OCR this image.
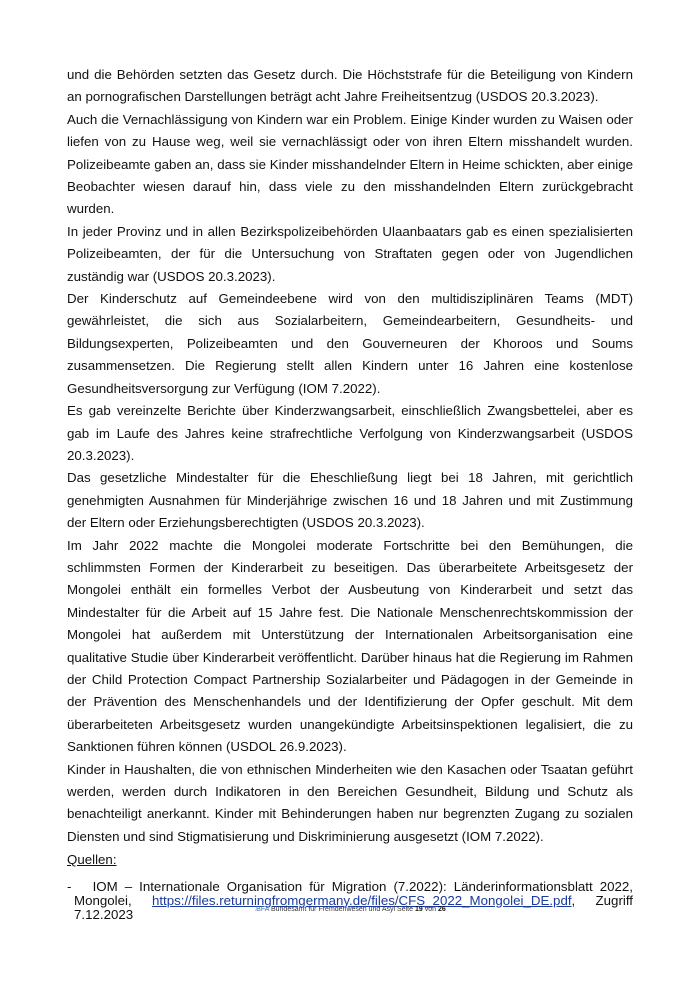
und die Behörden setzten das Gesetz durch. Die Höchststrafe für die Beteiligung von Kindern an pornografischen Darstellungen beträgt acht Jahre Freiheitsentzug (USDOS 20.3.2023).

Auch die Vernachlässigung von Kindern war ein Problem. Einige Kinder wurden zu Waisen oder liefen von zu Hause weg, weil sie vernachlässigt oder von ihren Eltern misshandelt wurden. Polizeibeamte gaben an, dass sie Kinder misshandelnder Eltern in Heime schickten, aber einige Beobachter wiesen darauf hin, dass viele zu den misshandelnden Eltern zurückgebracht wurden.

In jeder Provinz und in allen Bezirkspolizeibehörden Ulaanbaatars gab es einen spezialisierten Polizeibeamten, der für die Untersuchung von Straftaten gegen oder von Jugendlichen zuständig war (USDOS 20.3.2023).

Der Kinderschutz auf Gemeindeebene wird von den multidisziplinären Teams (MDT) gewährleistet, die sich aus Sozialarbeitern, Gemeindearbeitern, Gesundheits- und Bildungsexperten, Polizeibeamten und den Gouverneuren der Khoroos und Soums zusammensetzen. Die Regierung stellt allen Kindern unter 16 Jahren eine kostenlose Gesundheitsversorgung zur Verfügung (IOM 7.2022).

Es gab vereinzelte Berichte über Kinderzwangsarbeit, einschließlich Zwangsbettelei, aber es gab im Laufe des Jahres keine strafrechtliche Verfolgung von Kinderzwangsarbeit (USDOS 20.3.2023).

Das gesetzliche Mindestalter für die Eheschließung liegt bei 18 Jahren, mit gerichtlich genehmigten Ausnahmen für Minderjährige zwischen 16 und 18 Jahren und mit Zustimmung der Eltern oder Erziehungsberechtigten (USDOS 20.3.2023).

Im Jahr 2022 machte die Mongolei moderate Fortschritte bei den Bemühungen, die schlimmsten Formen der Kinderarbeit zu beseitigen. Das überarbeitete Arbeitsgesetz der Mongolei enthält ein formelles Verbot der Ausbeutung von Kinderarbeit und setzt das Mindestalter für die Arbeit auf 15 Jahre fest. Die Nationale Menschenrechtskommission der Mongolei hat außerdem mit Unterstützung der Internationalen Arbeitsorganisation eine qualitative Studie über Kinderarbeit veröffentlicht. Darüber hinaus hat die Regierung im Rahmen der Child Protection Compact Partnership Sozialarbeiter und Pädagogen in der Gemeinde in der Prävention des Menschenhandels und der Identifizierung der Opfer geschult. Mit dem überarbeiteten Arbeitsgesetz wurden unangekündigte Arbeitsinspektionen legalisiert, die zu Sanktionen führen können (USDOL 26.9.2023).

Kinder in Haushalten, die von ethnischen Minderheiten wie den Kasachen oder Tsaatan geführt werden, werden durch Indikatoren in den Bereichen Gesundheit, Bildung und Schutz als benachteiligt anerkannt. Kinder mit Behinderungen haben nur begrenzten Zugang zu sozialen Diensten und sind Stigmatisierung und Diskriminierung ausgesetzt (IOM 7.2022).

Quellen:

- IOM – Internationale Organisation für Migration (7.2022): Länderinformationsblatt 2022, Mongolei, https://files.returningfromgermany.de/files/CFS_2022_Mongolei_DE.pdf, Zugriff 7.12.2023	.BFA Bundesamt für Fremdenwesen und Asyl Seite 19 von 26
